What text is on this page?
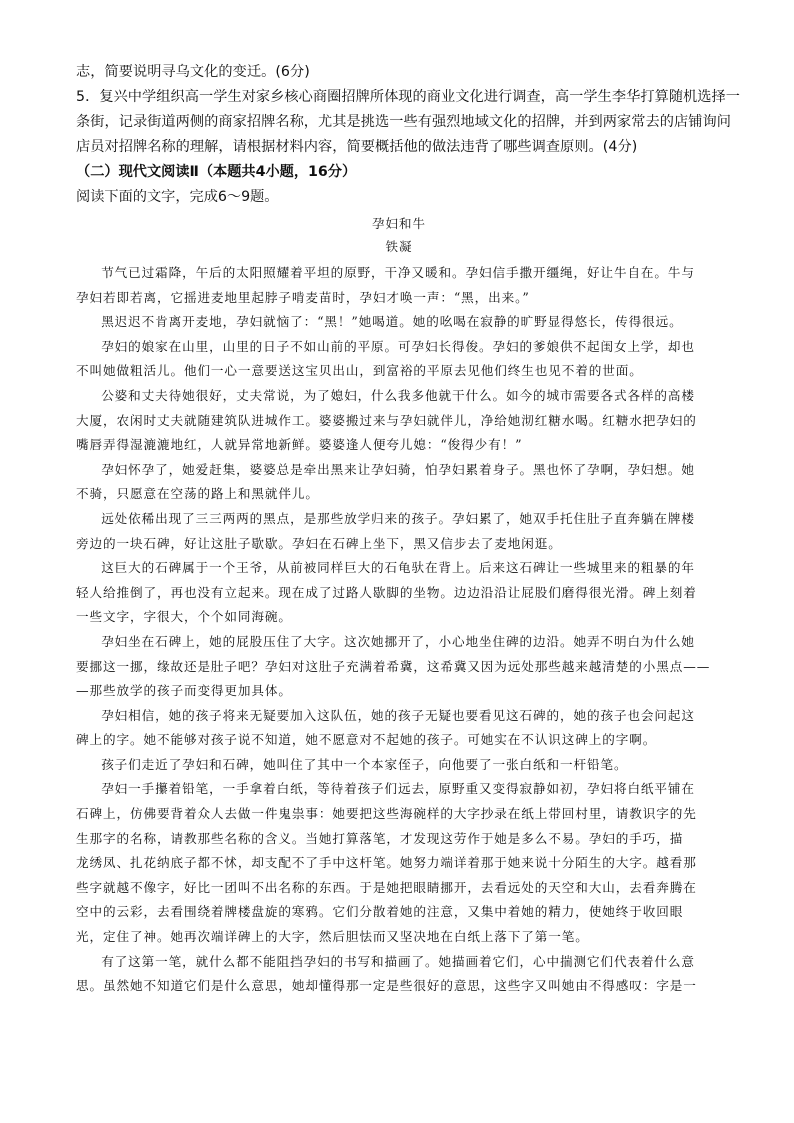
志，简要说明寻乌文化的变迁。(6分)

5．复兴中学组织高一学生对家乡核心商圈招牌所体现的商业文化进行调查，高一学生李华打算随机选择一

条街，记录街道两侧的商家招牌名称，尤其是挑选一些有强烈地域文化的招牌，并到两家常去的店铺询问

店员对招牌名称的理解，请根据材料内容，简要概括他的做法违背了哪些调查原则。(4分)

（二）现代文阅读Ⅱ（本题共4小题，16分）

阅读下面的文字，完成6～9题。

孕妇和牛

铁凝

节气已过霜降，午后的太阳照耀着平坦的原野，干净又暖和。孕妇信手撒开缰绳，好让牛自在。牛与

孕妇若即若离，它摇进麦地里起脖子啃麦苗时，孕妇才唤一声：“黑，出来。”

黑迟迟不肯离开麦地，孕妇就恼了：“黑！”她喝道。她的吆喝在寂静的旷野显得悠长，传得很远。

孕妇的娘家在山里，山里的日子不如山前的平原。可孕妇长得俊。孕妇的爹娘供不起闺女上学，却也

不叫她做粗活儿。他们一心一意要送这宝贝出山，到富裕的平原去见他们终生也见不着的世面。

公婆和丈夫待她很好，丈夫常说，为了媳妇，什么我多他就干什么。如今的城市需要各式各样的高楼

大厦，农闲时丈夫就随建筑队进城作工。婆婆搬过来与孕妇就伴儿，净给她沏红糖水喝。红糖水把孕妇的

嘴唇弄得湿漉漉地红，人就异常地新鲜。婆婆逢人便夸儿媳：“俊得少有！”

孕妇怀孕了，她爱赶集，婆婆总是牵出黑来让孕妇骑，怕孕妇累着身子。黑也怀了孕啊，孕妇想。她

不骑，只愿意在空荡的路上和黑就伴儿。

远处依稀出现了三三两两的黑点，是那些放学归来的孩子。孕妇累了，她双手托住肚子直奔躺在牌楼

旁边的一块石碑，好让这肚子歇歇。孕妇在石碑上坐下，黑又信步去了麦地闲逛。

这巨大的石碑属于一个王爷，从前被同样巨大的石龟驮在背上。后来这石碑让一些城里来的粗暴的年

轻人给推倒了，再也没有立起来。现在成了过路人歇脚的坐物。边边沿沿让屁股们磨得很光滑。碑上刻着

一些文字，字很大，个个如同海碗。

孕妇坐在石碑上，她的屁股压住了大字。这次她挪开了，小心地坐住碑的边沿。她弄不明白为什么她

要挪这一挪，缘故还是肚子吧？孕妇对这肚子充满着希冀，这希冀又因为远处那些越来越清楚的小黑点——

—那些放学的孩子而变得更加具体。

孕妇相信，她的孩子将来无疑要加入这队伍，她的孩子无疑也要看见这石碑的，她的孩子也会问起这

碑上的字。她不能够对孩子说不知道，她不愿意对不起她的孩子。可她实在不认识这碑上的字啊。

孩子们走近了孕妇和石碑，她叫住了其中一个本家侄子，向他要了一张白纸和一杆铅笔。

孕妇一手攥着铅笔，一手拿着白纸，等待着孩子们远去，原野重又变得寂静如初，孕妇将白纸平铺在

石碑上，仿佛要背着众人去做一件鬼祟事：她要把这些海碗样的大字抄录在纸上带回村里，请教识字的先

生那字的名称，请教那些名称的含义。当她打算落笔，才发现这劳作于她是多么不易。孕妇的手巧，描

龙绣凤、扎花纳底子都不怵，却支配不了手中这杆笔。她努力端详着那于她来说十分陌生的大字。越看那

些字就越不像字，好比一团叫不出名称的东西。于是她把眼睛挪开，去看远处的天空和大山，去看奔腾在

空中的云彩，去看围绕着牌楼盘旋的寒鸦。它们分散着她的注意，又集中着她的精力，使她终于收回眼

光，定住了神。她再次端详碑上的大字，然后胆怯而又坚决地在白纸上落下了第一笔。

有了这第一笔，就什么都不能阻挡孕妇的书写和描画了。她描画着它们，心中揣测它们代表着什么意

思。虽然她不知道它们是什么意思，她却懂得那一定是些很好的意思，这些字又叫她由不得感叹：字是一
